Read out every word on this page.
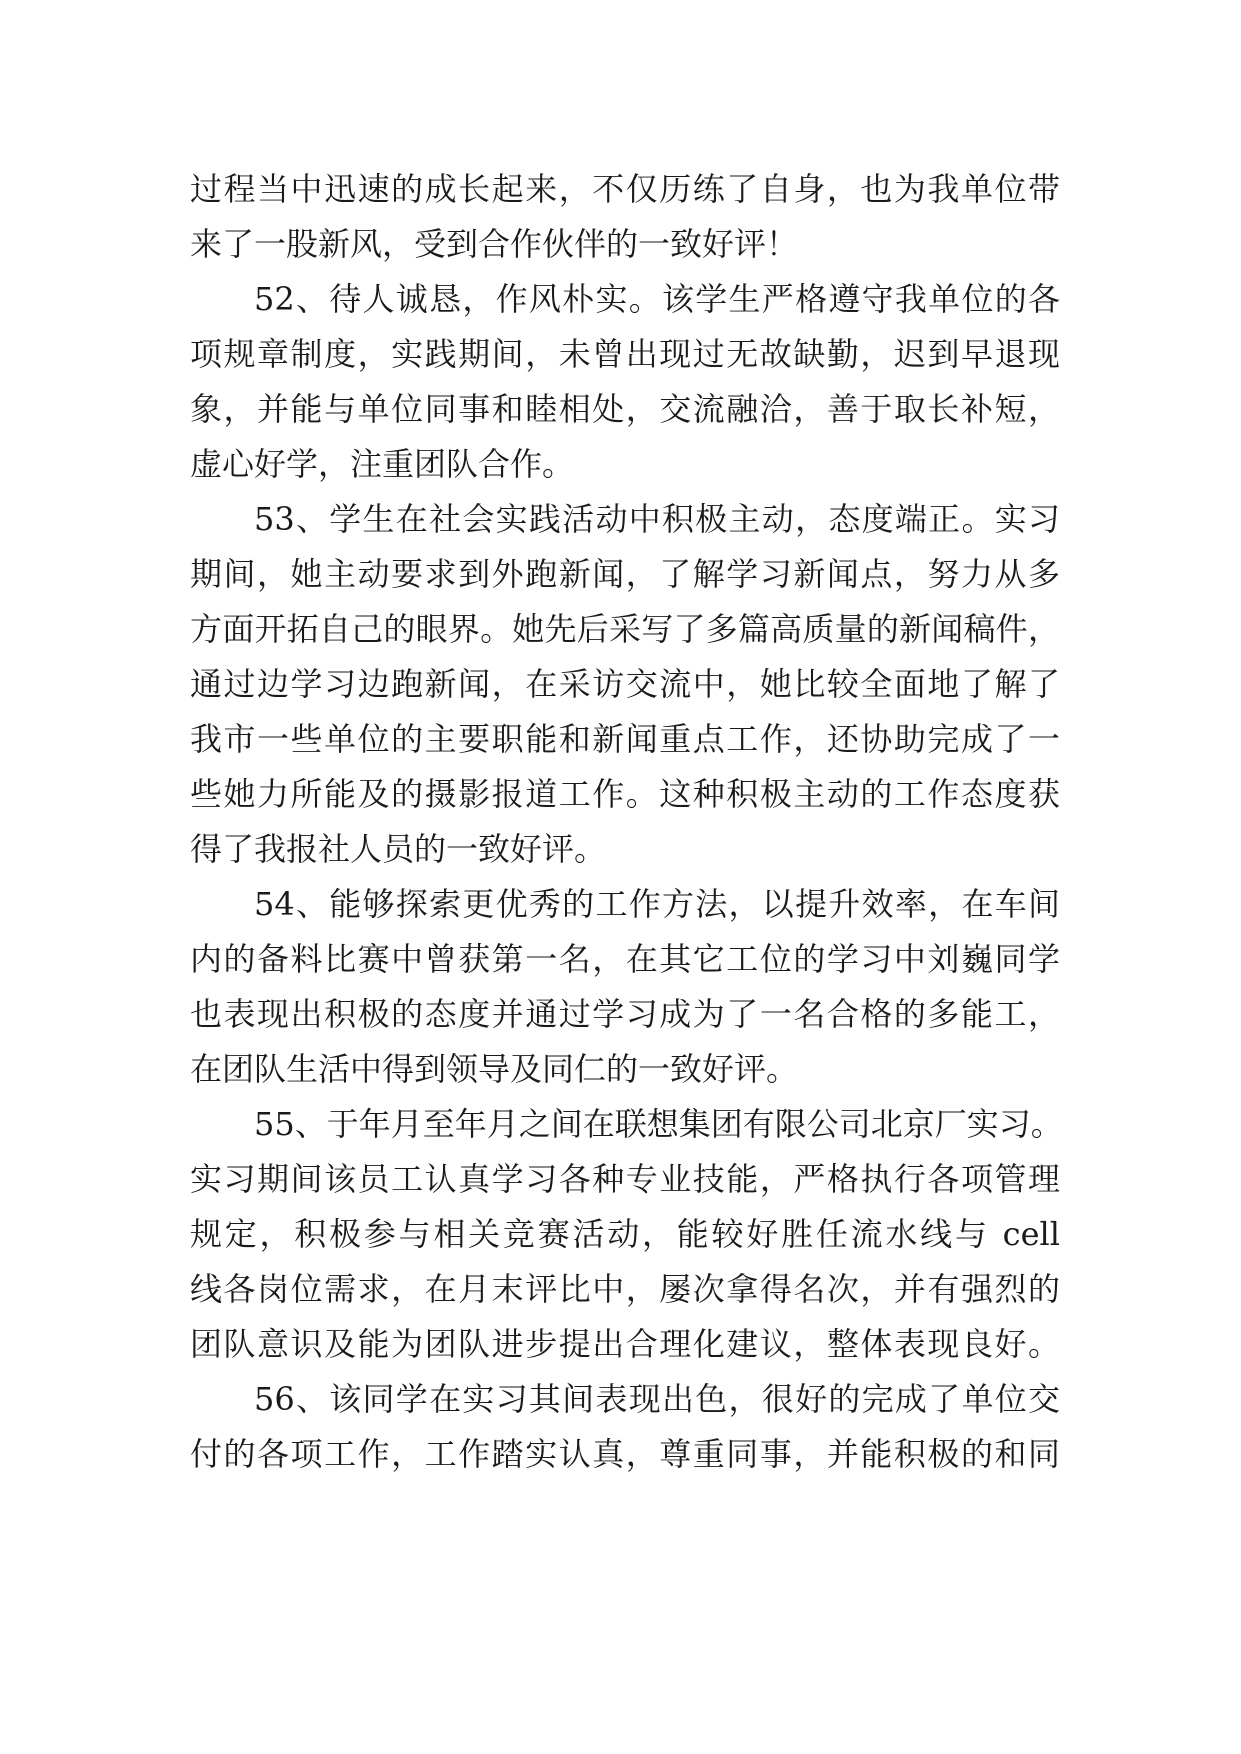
过程当中迅速的成长起来，不仅历练了自身，也为我单位带
来了一股新风，受到合作伙伴的一致好评！
52、待人诚恳，作风朴实。该学生严格遵守我单位的各
项规章制度，实践期间，未曾出现过无故缺勤，迟到早退现
象，并能与单位同事和睦相处，交流融洽，善于取长补短，
虚心好学，注重团队合作。
53、学生在社会实践活动中积极主动，态度端正。实习
期间，她主动要求到外跑新闻，了解学习新闻点，努力从多
方面开拓自己的眼界。她先后采写了多篇高质量的新闻稿件，
通过边学习边跑新闻，在采访交流中，她比较全面地了解了
我市一些单位的主要职能和新闻重点工作，还协助完成了一
些她力所能及的摄影报道工作。这种积极主动的工作态度获
得了我报社人员的一致好评。
54、能够探索更优秀的工作方法，以提升效率，在车间
内的备料比赛中曾获第一名，在其它工位的学习中刘巍同学
也表现出积极的态度并通过学习成为了一名合格的多能工，
在团队生活中得到领导及同仁的一致好评。
55、于年月至年月之间在联想集团有限公司北京厂实习。
实习期间该员工认真学习各种专业技能，严格执行各项管理
规定，积极参与相关竞赛活动，能较好胜任流水线与 cell
线各岗位需求，在月末评比中，屡次拿得名次，并有强烈的
团队意识及能为团队进步提出合理化建议，整体表现良好。
56、该同学在实习其间表现出色，很好的完成了单位交
付的各项工作，工作踏实认真，尊重同事，并能积极的和同
